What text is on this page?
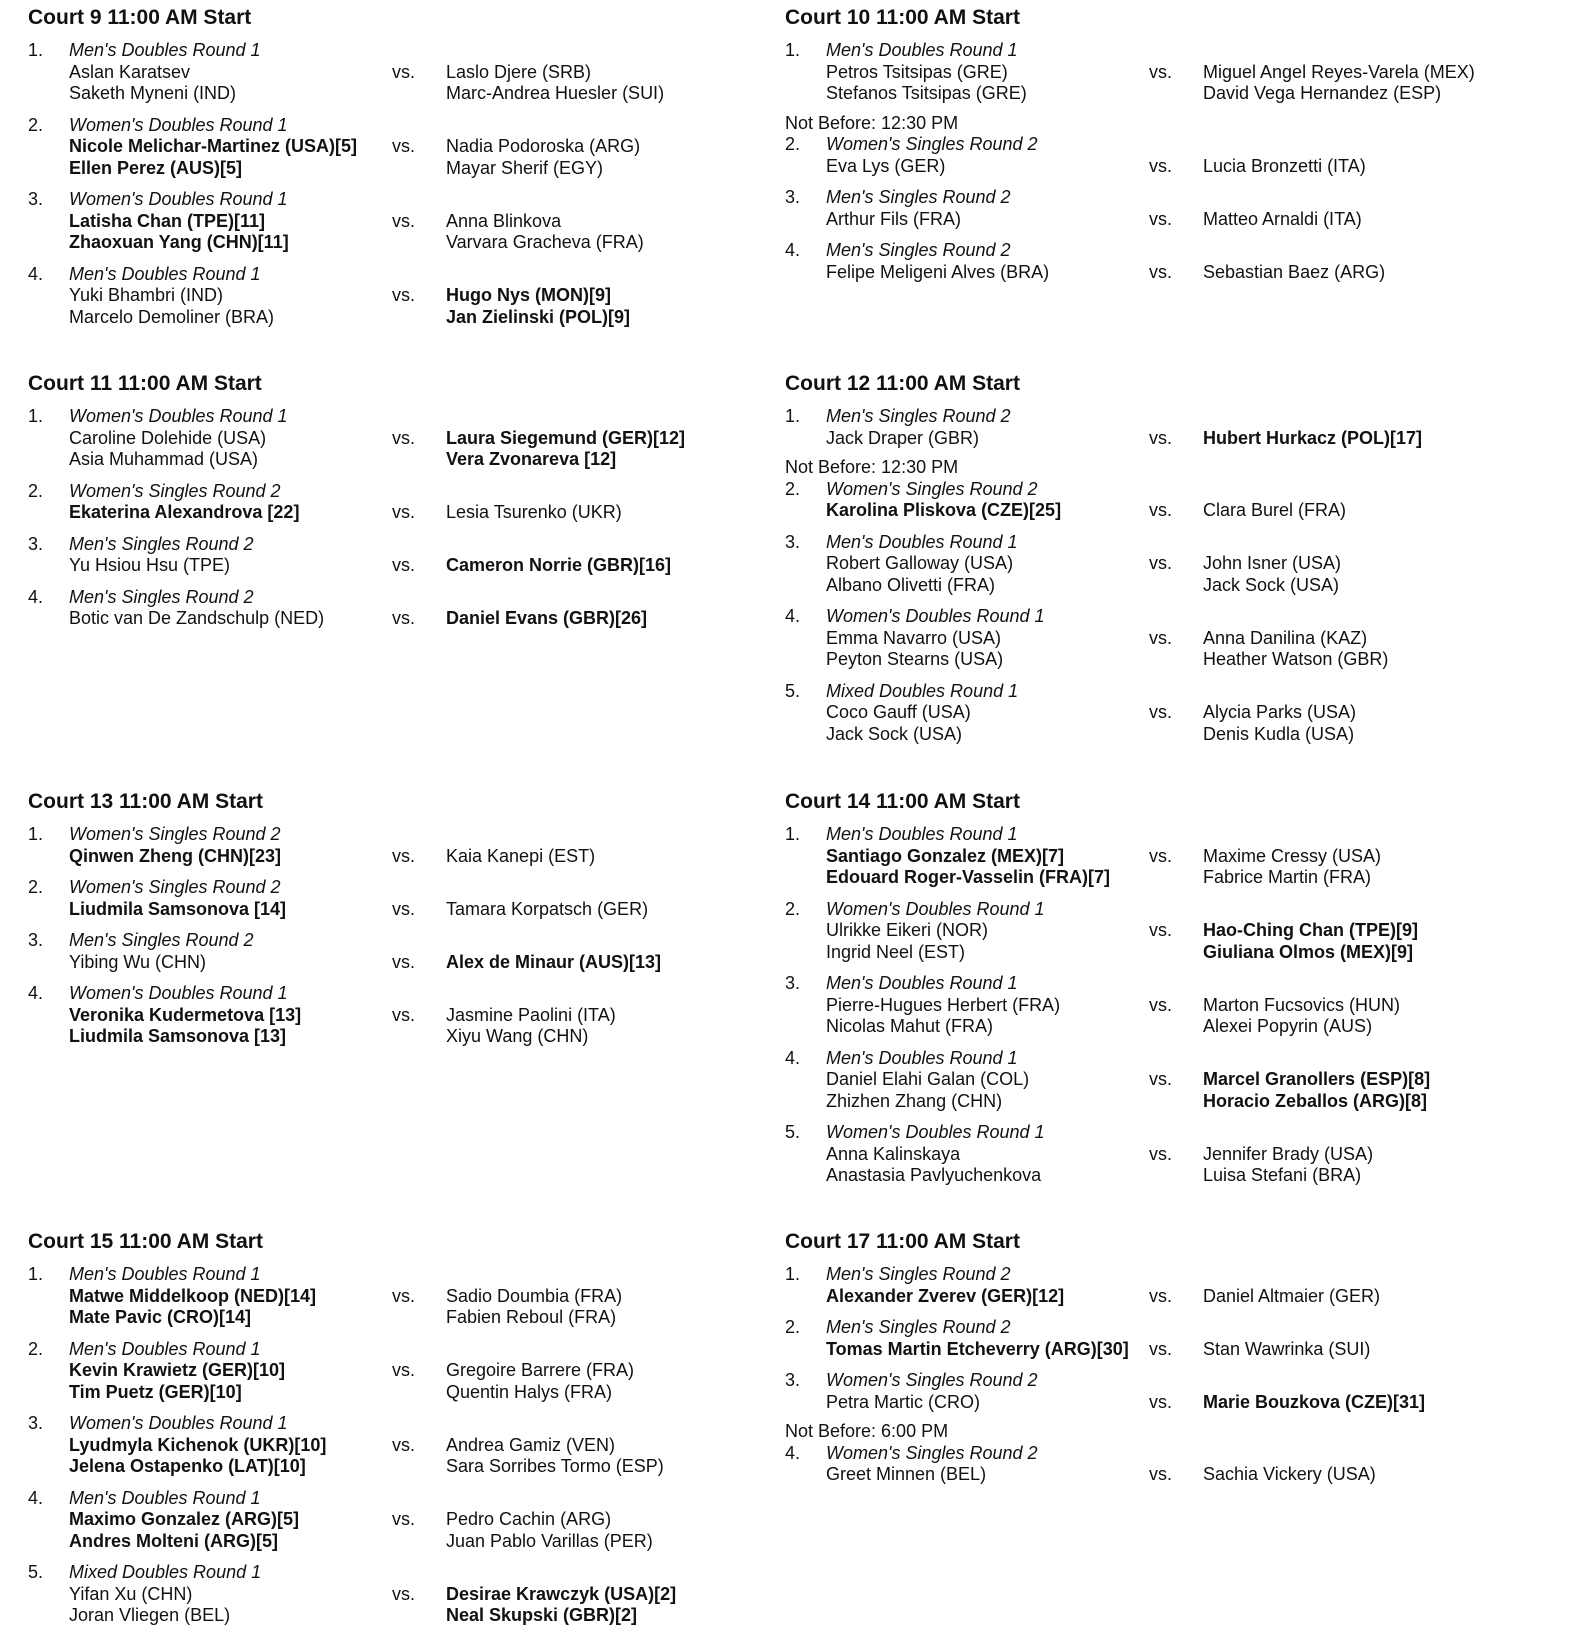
Court 9 11:00 AM Start
1. Men's Doubles Round 1
Aslan Karatsev
Saketh Myneni (IND)
vs. Laslo Djere (SRB)
Marc-Andrea Huesler (SUI)
2. Women's Doubles Round 1
Nicole Melichar-Martinez (USA)[5]
Ellen Perez (AUS)[5]
vs. Nadia Podoroska (ARG)
Mayar Sherif (EGY)
3. Women's Doubles Round 1
Latisha Chan (TPE)[11]
Zhaoxuan Yang (CHN)[11]
vs. Anna Blinkova
Varvara Gracheva (FRA)
4. Men's Doubles Round 1
Yuki Bhambri (IND)
Marcelo Demoliner (BRA)
vs. Hugo Nys (MON)[9]
Jan Zielinski (POL)[9]
Court 10 11:00 AM Start
1. Men's Doubles Round 1
Petros Tsitsipas (GRE)
Stefanos Tsitsipas (GRE)
vs. Miguel Angel Reyes-Varela (MEX)
David Vega Hernandez (ESP)
Not Before: 12:30 PM
2. Women's Singles Round 2
Eva Lys (GER)	vs. Lucia Bronzetti (ITA)
3. Men's Singles Round 2
Arthur Fils (FRA)	vs. Matteo Arnaldi (ITA)
4. Men's Singles Round 2
Felipe Meligeni Alves (BRA)	vs. Sebastian Baez (ARG)
Court 11 11:00 AM Start
1. Women's Doubles Round 1
Caroline Dolehide (USA)
Asia Muhammad (USA)
vs. Laura Siegemund (GER)[12]
Vera Zvonareva [12]
2. Women's Singles Round 2
Ekaterina Alexandrova [22]	vs. Lesia Tsurenko (UKR)
3. Men's Singles Round 2
Yu Hsiou Hsu (TPE)	vs. Cameron Norrie (GBR)[16]
4. Men's Singles Round 2
Botic van De Zandschulp (NED)	vs. Daniel Evans (GBR)[26]
Court 12 11:00 AM Start
1. Men's Singles Round 2
Jack Draper (GBR)	vs. Hubert Hurkacz (POL)[17]
Not Before: 12:30 PM
2. Women's Singles Round 2
Karolina Pliskova (CZE)[25]	vs. Clara Burel (FRA)
3. Men's Doubles Round 1
Robert Galloway (USA)
Albano Olivetti (FRA)
vs. John Isner (USA)
Jack Sock (USA)
4. Women's Doubles Round 1
Emma Navarro (USA)
Peyton Stearns (USA)
vs. Anna Danilina (KAZ)
Heather Watson (GBR)
5. Mixed Doubles Round 1
Coco Gauff (USA)
Jack Sock (USA)
vs. Alycia Parks (USA)
Denis Kudla (USA)
Court 13 11:00 AM Start
1. Women's Singles Round 2
Qinwen Zheng (CHN)[23]	vs. Kaia Kanepi (EST)
2. Women's Singles Round 2
Liudmila Samsonova [14]	vs. Tamara Korpatsch (GER)
3. Men's Singles Round 2
Yibing Wu (CHN)	vs. Alex de Minaur (AUS)[13]
4. Women's Doubles Round 1
Veronika Kudermetova [13]
Liudmila Samsonova [13]
vs. Jasmine Paolini (ITA)
Xiyu Wang (CHN)
Court 14 11:00 AM Start
1. Men's Doubles Round 1
Santiago Gonzalez (MEX)[7]
Edouard Roger-Vasselin (FRA)[7]
vs. Maxime Cressy (USA)
Fabrice Martin (FRA)
2. Women's Doubles Round 1
Ulrikke Eikeri (NOR)
Ingrid Neel (EST)
vs. Hao-Ching Chan (TPE)[9]
Giuliana Olmos (MEX)[9]
3. Men's Doubles Round 1
Pierre-Hugues Herbert (FRA)
Nicolas Mahut (FRA)
vs. Marton Fucsovics (HUN)
Alexei Popyrin (AUS)
4. Men's Doubles Round 1
Daniel Elahi Galan (COL)
Zhizhen Zhang (CHN)
vs. Marcel Granollers (ESP)[8]
Horacio Zeballos (ARG)[8]
5. Women's Doubles Round 1
Anna Kalinskaya
Anastasia Pavlyuchenkova
vs. Jennifer Brady (USA)
Luisa Stefani (BRA)
Court 15 11:00 AM Start
1. Men's Doubles Round 1
Matwe Middelkoop (NED)[14]
Mate Pavic (CRO)[14]
vs. Sadio Doumbia (FRA)
Fabien Reboul (FRA)
2. Men's Doubles Round 1
Kevin Krawietz (GER)[10]
Tim Puetz (GER)[10]
vs. Gregoire Barrere (FRA)
Quentin Halys (FRA)
3. Women's Doubles Round 1
Lyudmyla Kichenok (UKR)[10]
Jelena Ostapenko (LAT)[10]
vs. Andrea Gamiz (VEN)
Sara Sorribes Tormo (ESP)
4. Men's Doubles Round 1
Maximo Gonzalez (ARG)[5]
Andres Molteni (ARG)[5]
vs. Pedro Cachin (ARG)
Juan Pablo Varillas (PER)
5. Mixed Doubles Round 1
Yifan Xu (CHN)
Joran Vliegen (BEL)
vs. Desirae Krawczyk (USA)[2]
Neal Skupski (GBR)[2]
Court 17 11:00 AM Start
1. Men's Singles Round 2
Alexander Zverev (GER)[12]	vs. Daniel Altmaier (GER)
2. Men's Singles Round 2
Tomas Martin Etcheverry (ARG)[30] vs. Stan Wawrinka (SUI)
3. Women's Singles Round 2
Petra Martic (CRO)	vs. Marie Bouzkova (CZE)[31]
Not Before: 6:00 PM
4. Women's Singles Round 2
Greet Minnen (BEL)	vs. Sachia Vickery (USA)
